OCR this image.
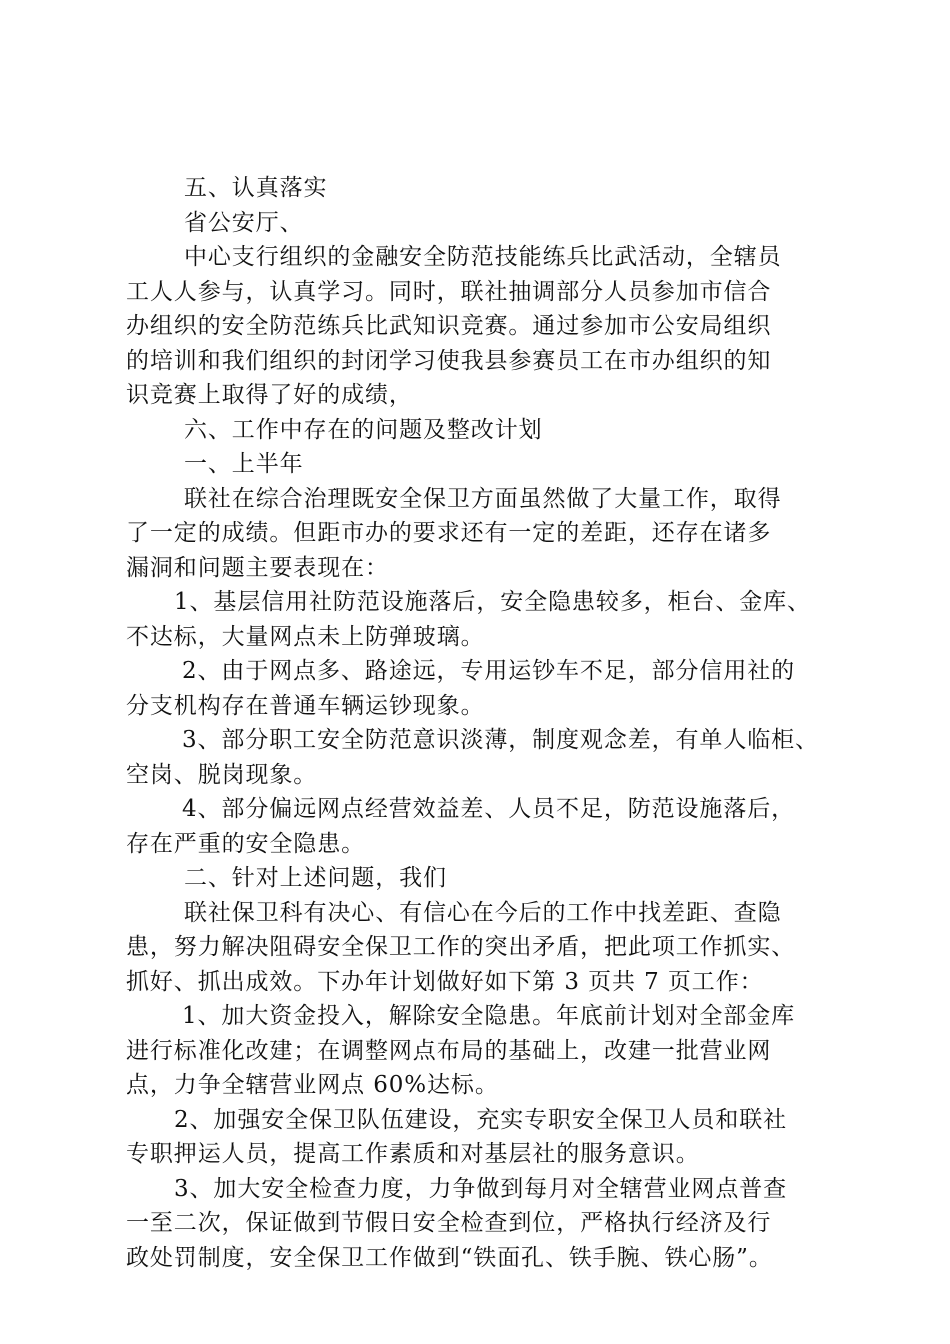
五、认真落实
省公安厅、
中心支行组织的金融安全防范技能练兵比武活动，全辖员
工人人参与，认真学习。同时，联社抽调部分人员参加市信合
办组织的安全防范练兵比武知识竞赛。通过参加市公安局组织
的培训和我们组织的封闭学习使我县参赛员工在市办组织的知
识竞赛上取得了好的成绩，
六、工作中存在的问题及整改计划
一、上半年
联社在综合治理既安全保卫方面虽然做了大量工作，取得
了一定的成绩。但距市办的要求还有一定的差距，还存在诸多
漏洞和问题主要表现在：
1、基层信用社防范设施落后，安全隐患较多，柜台、金库、
不达标，大量网点未上防弹玻璃。
2、由于网点多、路途远，专用运钞车不足，部分信用社的
分支机构存在普通车辆运钞现象。
3、部分职工安全防范意识淡薄，制度观念差，有单人临柜、
空岗、脱岗现象。
4、部分偏远网点经营效益差、人员不足，防范设施落后，
存在严重的安全隐患。
二、针对上述问题，我们
联社保卫科有决心、有信心在今后的工作中找差距、查隐
患，努力解决阻碍安全保卫工作的突出矛盾，把此项工作抓实、
抓好、抓出成效。下办年计划做好如下第 3 页共 7 页工作：
1、加大资金投入，解除安全隐患。年底前计划对全部金库
进行标准化改建；在调整网点布局的基础上，改建一批营业网
点，力争全辖营业网点 60%达标。
2、加强安全保卫队伍建设，充实专职安全保卫人员和联社
专职押运人员，提高工作素质和对基层社的服务意识。
3、加大安全检查力度，力争做到每月对全辖营业网点普查
一至二次，保证做到节假日安全检查到位，严格执行经济及行
政处罚制度，安全保卫工作做到“铁面孔、铁手腕、铁心肠”。
